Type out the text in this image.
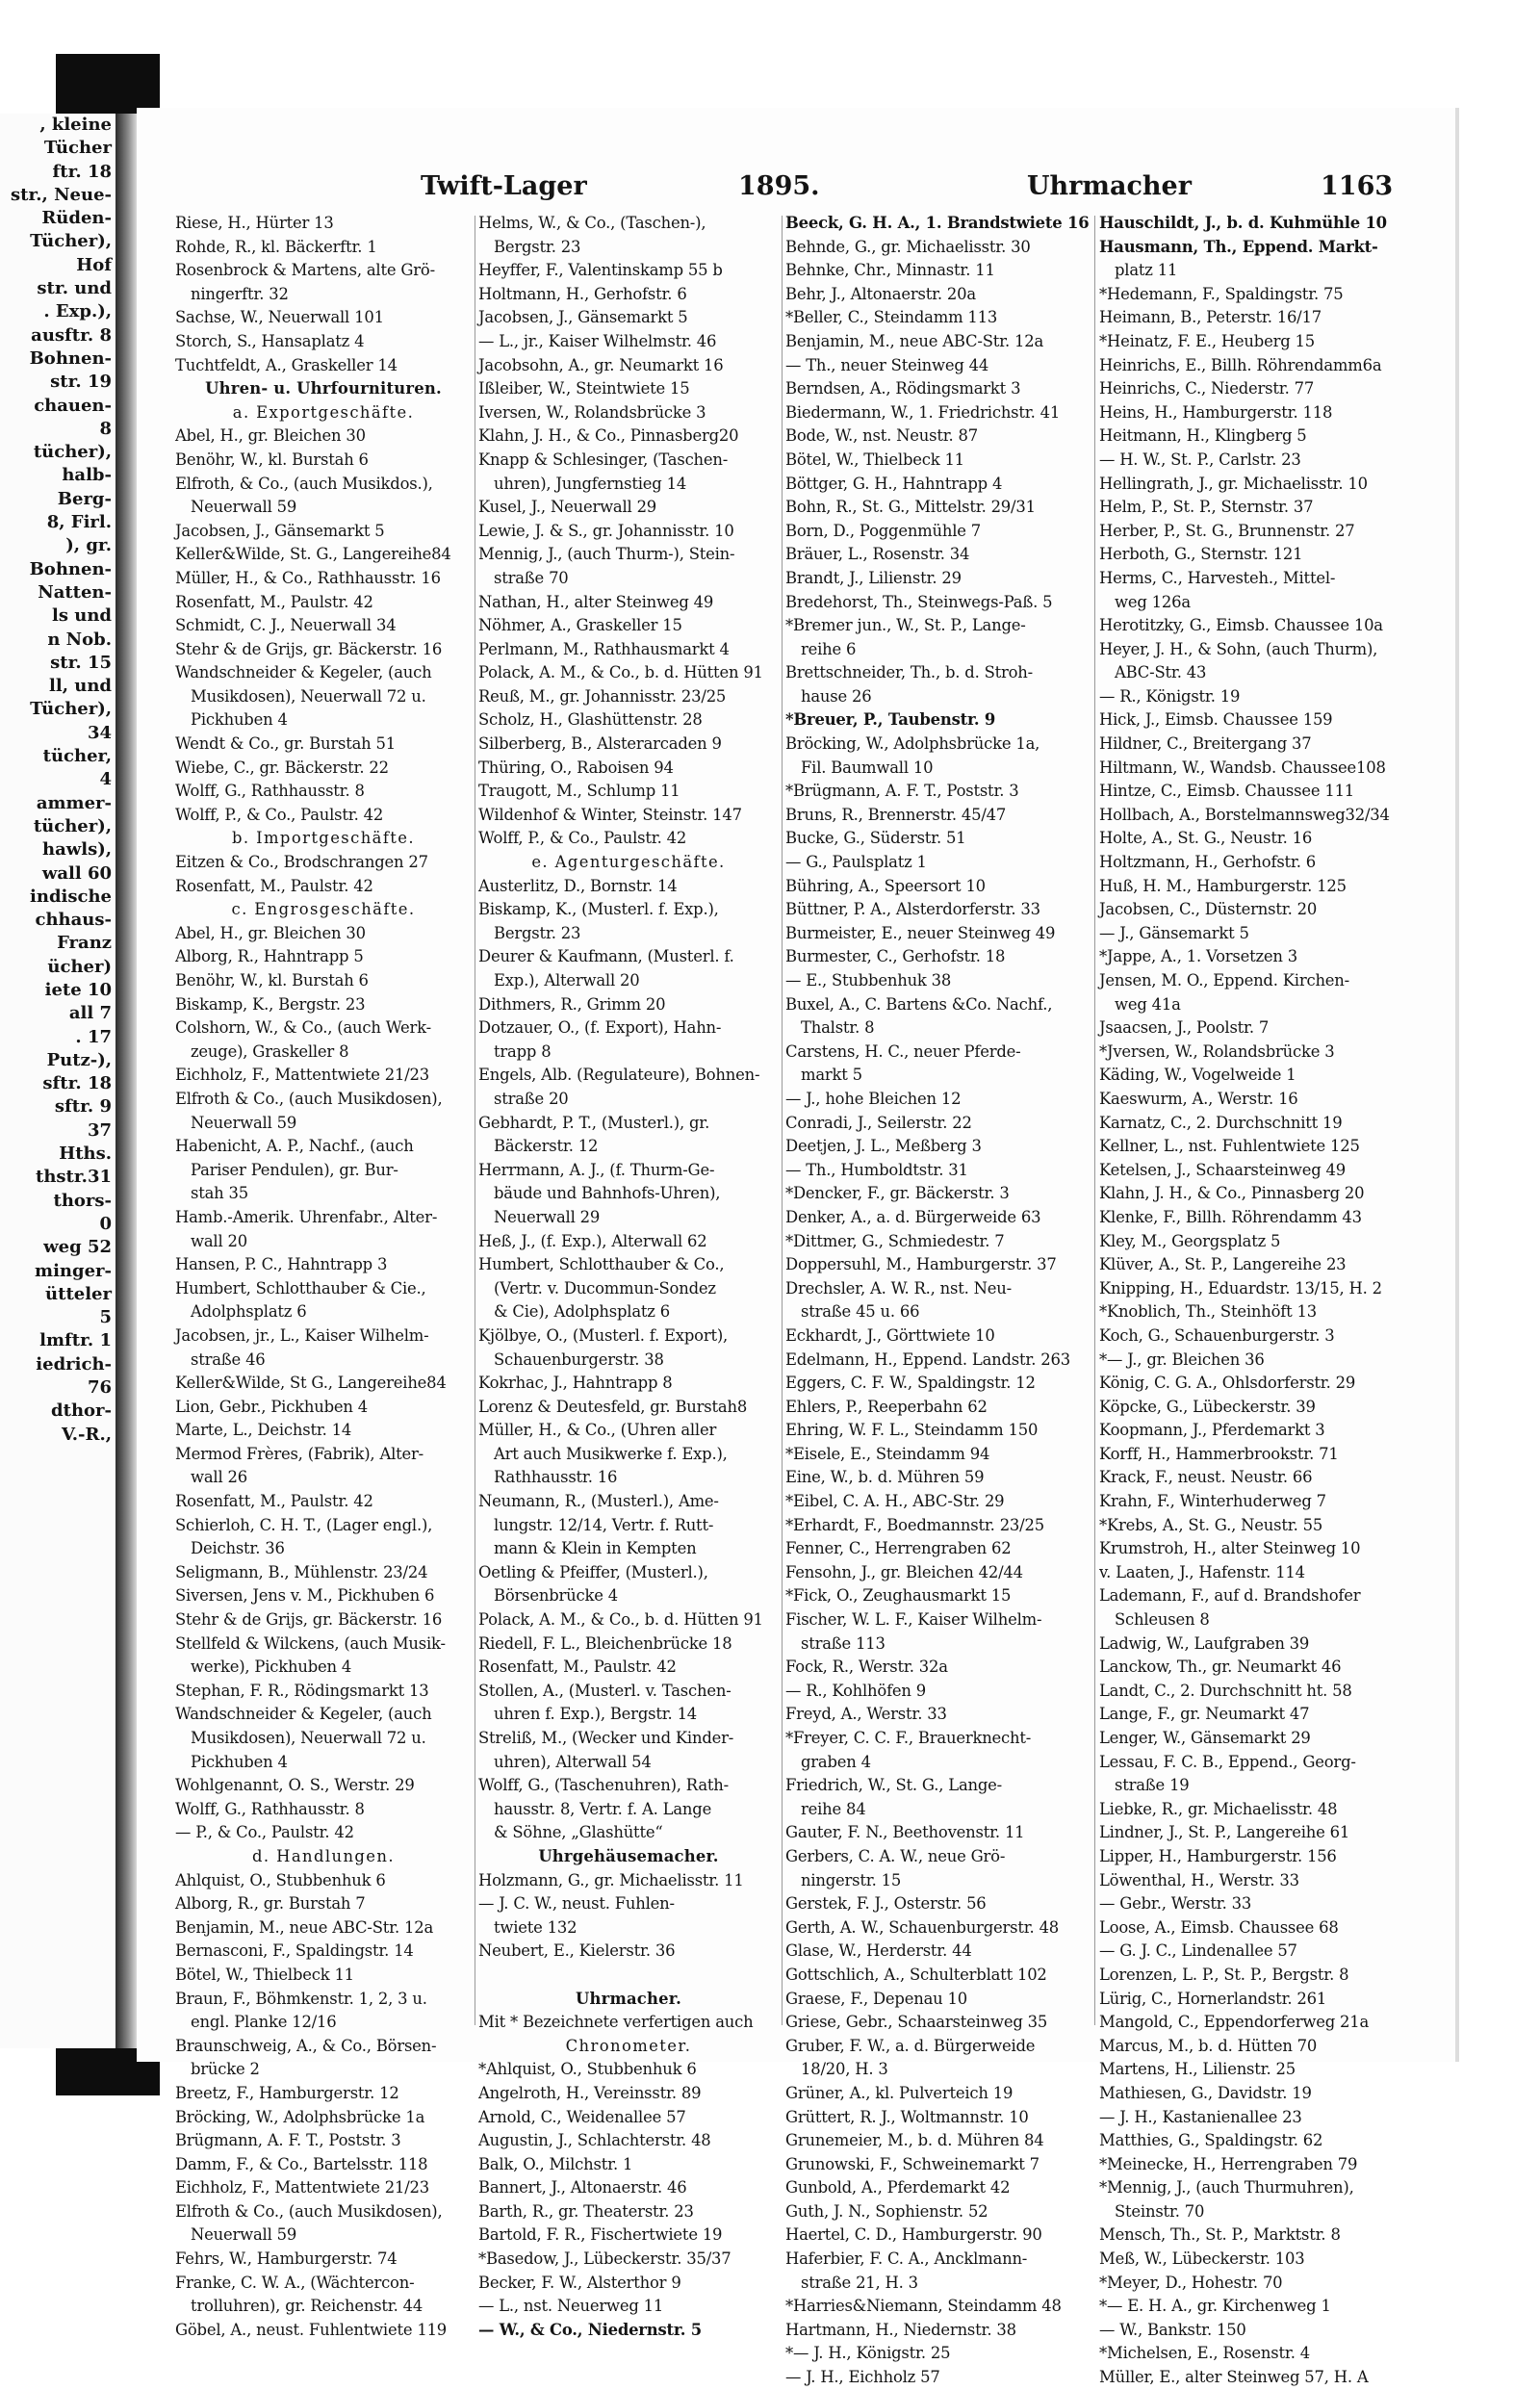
, kleine
Tücher
ftr. 18
str., Neue-
Rüden-
Tücher),
Hof
str. und
. Exp.),
ausftr. 8
Bohnen-
str. 19
chauen-
8
tücher),
halb-
Berg-
8, Firl.
), gr.
Bohnen-
Natten-
ls und
n Nob.
str. 15
ll, und
Tücher),
34
tücher,
4
ammer-
tücher),
hawls),
wall 60
indische
chhaus-
Franz
ücher)
iete 10
all 7
. 17
Putz-),
sftr. 18
sftr. 9
37
Hths.
thstr.31
thors-
0
weg 52
minger-
ütteler
5
lmftr. 1
iedrich-
76
dthor-
V.-R.,
Twift-Lager	1895.	Uhrmacher	1163
Riese, H., Hürter 13
Rohde, R., kl. Bäckerftr. 1
Rosenbrock & Martens, alte Grö-
ningerftr. 32
Sachse, W., Neuerwall 101
Storch, S., Hansaplatz 4
Tuchtfeldt, A., Graskeller 14
Uhren- u. Uhrfournituren.
a. Exportgeschäfte.
Abel, H., gr. Bleichen 30
Benöhr, W., kl. Burstah 6
Elfroth, & Co., (auch Musikdos.),
Neuerwall 59
Jacobsen, J., Gänsemarkt 5
Keller&Wilde, St. G., Langereihe84
Müller, H., & Co., Rathhausstr. 16
Rosenfatt, M., Paulstr. 42
Schmidt, C. J., Neuerwall 34
Stehr & de Grijs, gr. Bäckerstr. 16
Wandschneider & Kegeler, (auch
Musikdosen), Neuerwall 72 u.
Pickhuben 4
Wendt & Co., gr. Burstah 51
Wiebe, C., gr. Bäckerstr. 22
Wolff, G., Rathhausstr. 8
Wolff, P., & Co., Paulstr. 42
b. Importgeschäfte.
Eitzen & Co., Brodschrangen 27
Rosenfatt, M., Paulstr. 42
c. Engrosgeschäfte.
Abel, H., gr. Bleichen 30
Alborg, R., Hahntrapp 5
Benöhr, W., kl. Burstah 6
Biskamp, K., Bergstr. 23
Colshorn, W., & Co., (auch Werk-
zeuge), Graskeller 8
Eichholz, F., Mattentwiete 21/23
Elfroth & Co., (auch Musikdosen),
Neuerwall 59
Habenicht, A. P., Nachf., (auch
Pariser Pendulen), gr. Bur-
stah 35
Hamb.-Amerik. Uhrenfabr., Alter-
wall 20
Hansen, P. C., Hahntrapp 3
Humbert, Schlotthauber & Cie.,
Adolphsplatz 6
Jacobsen, jr., L., Kaiser Wilhelm-
straße 46
Keller&Wilde, St G., Langereihe84
Lion, Gebr., Pickhuben 4
Marte, L., Deichstr. 14
Mermod Frères, (Fabrik), Alter-
wall 26
Rosenfatt, M., Paulstr. 42
Schierloh, C. H. T., (Lager engl.),
Deichstr. 36
Seligmann, B., Mühlenstr. 23/24
Siversen, Jens v. M., Pickhuben 6
Stehr & de Grijs, gr. Bäckerstr. 16
Stellfeld & Wilckens, (auch Musik-
werke), Pickhuben 4
Stephan, F. R., Rödingsmarkt 13
Wandschneider & Kegeler, (auch
Musikdosen), Neuerwall 72 u.
Pickhuben 4
Wohlgenannt, O. S., Werstr. 29
Wolff, G., Rathhausstr. 8
— P., & Co., Paulstr. 42
d. Handlungen.
Ahlquist, O., Stubbenhuk 6
Alborg, R., gr. Burstah 7
Benjamin, M., neue ABC-Str. 12a
Bernasconi, F., Spaldingstr. 14
Bötel, W., Thielbeck 11
Braun, F., Böhmkenstr. 1, 2, 3 u.
engl. Planke 12/16
Braunschweig, A., & Co., Börsen-
brücke 2
Breetz, F., Hamburgerstr. 12
Bröcking, W., Adolphsbrücke 1a
Brügmann, A. F. T., Poststr. 3
Damm, F., & Co., Bartelsstr. 118
Eichholz, F., Mattentwiete 21/23
Elfroth & Co., (auch Musikdosen),
Neuerwall 59
Fehrs, W., Hamburgerstr. 74
Franke, C. W. A., (Wächtercon-
trolluhren), gr. Reichenstr. 44
Göbel, A., neust. Fuhlentwiete 119
Helms, W., & Co., (Taschen-),
Bergstr. 23
Heyffer, F., Valentinskamp 55 b
Holtmann, H., Gerhofstr. 6
Jacobsen, J., Gänsemarkt 5
— L., jr., Kaiser Wilhelmstr. 46
Jacobsohn, A., gr. Neumarkt 16
Ißleiber, W., Steintwiete 15
Iversen, W., Rolandsbrücke 3
Klahn, J. H., & Co., Pinnasberg20
Knapp & Schlesinger, (Taschen-
uhren), Jungfernstieg 14
Kusel, J., Neuerwall 29
Lewie, J. & S., gr. Johannisstr. 10
Mennig, J., (auch Thurm-), Stein-
straße 70
Nathan, H., alter Steinweg 49
Nöhmer, A., Graskeller 15
Perlmann, M., Rathhausmarkt 4
Polack, A. M., & Co., b. d. Hütten 91
Reuß, M., gr. Johannisstr. 23/25
Scholz, H., Glashüttenstr. 28
Silberberg, B., Alsterarcaden 9
Thüring, O., Raboisen 94
Traugott, M., Schlump 11
Wildenhof & Winter, Steinstr. 147
Wolff, P., & Co., Paulstr. 42
e. Agenturgeschäfte.
Austerlitz, D., Bornstr. 14
Biskamp, K., (Musterl. f. Exp.),
Bergstr. 23
Deurer & Kaufmann, (Musterl. f.
Exp.), Alterwall 20
Dithmers, R., Grimm 20
Dotzauer, O., (f. Export), Hahn-
trapp 8
Engels, Alb. (Regulateure), Bohnen-
straße 20
Gebhardt, P. T., (Musterl.), gr.
Bäckerstr. 12
Herrmann, A. J., (f. Thurm-Ge-
bäude und Bahnhofs-Uhren),
Neuerwall 29
Heß, J., (f. Exp.), Alterwall 62
Humbert, Schlotthauber & Co.,
(Vertr. v. Ducommun-Sondez
& Cie), Adolphsplatz 6
Kjölbye, O., (Musterl. f. Export),
Schauenburgerstr. 38
Kokrhac, J., Hahntrapp 8
Lorenz & Deutesfeld, gr. Burstah8
Müller, H., & Co., (Uhren aller
Art auch Musikwerke f. Exp.),
Rathhausstr. 16
Neumann, R., (Musterl.), Ame-
lungstr. 12/14, Vertr. f. Rutt-
mann & Klein in Kempten
Oetling & Pfeiffer, (Musterl.),
Börsenbrücke 4
Polack, A. M., & Co., b. d. Hütten 91
Riedell, F. L., Bleichenbrücke 18
Rosenfatt, M., Paulstr. 42
Stollen, A., (Musterl. v. Taschen-
uhren f. Exp.), Bergstr. 14
Streliß, M., (Wecker und Kinder-
uhren), Alterwall 54
Wolff, G., (Taschenuhren), Rath-
hausstr. 8, Vertr. f. A. Lange
& Söhne, „Glashütte“
Uhrgehäusemacher.
Holzmann, G., gr. Michaelisstr. 11
— J. C. W., neust. Fuhlen-
twiete 132
Neubert, E., Kielerstr. 36

Uhrmacher.
Mit * Bezeichnete verfertigen auch
Chronometer.
*Ahlquist, O., Stubbenhuk 6
Angelroth, H., Vereinsstr. 89
Arnold, C., Weidenallee 57
Augustin, J., Schlachterstr. 48
Balk, O., Milchstr. 1
Bannert, J., Altonaerstr. 46
Barth, R., gr. Theaterstr. 23
Bartold, F. R., Fischertwiete 19
*Basedow, J., Lübeckerstr. 35/37
Becker, F. W., Alsterthor 9
— L., nst. Neuerweg 11
— W., & Co., Niedernstr. 5
Beeck, G. H. A., 1. Brandstwiete 16
Behnde, G., gr. Michaelisstr. 30
Behnke, Chr., Minnastr. 11
Behr, J., Altonaerstr. 20a
*Beller, C., Steindamm 113
Benjamin, M., neue ABC-Str. 12a
— Th., neuer Steinweg 44
Berndsen, A., Rödingsmarkt 3
Biedermann, W., 1. Friedrichstr. 41
Bode, W., nst. Neustr. 87
Bötel, W., Thielbeck 11
Böttger, G. H., Hahntrapp 4
Bohn, R., St. G., Mittelstr. 29/31
Born, D., Poggenmühle 7
Bräuer, L., Rosenstr. 34
Brandt, J., Lilienstr. 29
Bredehorst, Th., Steinwegs-Paß. 5
*Bremer jun., W., St. P., Lange-
reihe 6
Brettschneider, Th., b. d. Stroh-
hause 26
*Breuer, P., Taubenstr. 9
Bröcking, W., Adolphsbrücke 1a,
Fil. Baumwall 10
*Brügmann, A. F. T., Poststr. 3
Bruns, R., Brennerstr. 45/47
Bucke, G., Süderstr. 51
— G., Paulsplatz 1
Bühring, A., Speersort 10
Büttner, P. A., Alsterdorferstr. 33
Burmeister, E., neuer Steinweg 49
Burmester, C., Gerhofstr. 18
— E., Stubbenhuk 38
Buxel, A., C. Bartens &Co. Nachf.,
Thalstr. 8
Carstens, H. C., neuer Pferde-
markt 5
— J., hohe Bleichen 12
Conradi, J., Seilerstr. 22
Deetjen, J. L., Meßberg 3
— Th., Humboldtstr. 31
*Dencker, F., gr. Bäckerstr. 3
Denker, A., a. d. Bürgerweide 63
*Dittmer, G., Schmiedestr. 7
Doppersuhl, M., Hamburgerstr. 37
Drechsler, A. W. R., nst. Neu-
straße 45 u. 66
Eckhardt, J., Görttwiete 10
Edelmann, H., Eppend. Landstr. 263
Eggers, C. F. W., Spaldingstr. 12
Ehlers, P., Reeperbahn 62
Ehring, W. F. L., Steindamm 150
*Eisele, E., Steindamm 94
Eine, W., b. d. Mühren 59
*Eibel, C. A. H., ABC-Str. 29
*Erhardt, F., Boedmannstr. 23/25
Fenner, C., Herrengraben 62
Fensohn, J., gr. Bleichen 42/44
*Fick, O., Zeughausmarkt 15
Fischer, W. L. F., Kaiser Wilhelm-
straße 113
Fock, R., Werstr. 32a
— R., Kohlhöfen 9
Freyd, A., Werstr. 33
*Freyer, C. C. F., Brauerknecht-
graben 4
Friedrich, W., St. G., Lange-
reihe 84
Gauter, F. N., Beethovenstr. 11
Gerbers, C. A. W., neue Grö-
ningerstr. 15
Gerstek, F. J., Osterstr. 56
Gerth, A. W., Schauenburgerstr. 48
Glase, W., Herderstr. 44
Gottschlich, A., Schulterblatt 102
Graese, F., Depenau 10
Griese, Gebr., Schaarsteinweg 35
Gruber, F. W., a. d. Bürgerweide
18/20, H. 3
Grüner, A., kl. Pulverteich 19
Grüttert, R. J., Woltmannstr. 10
Grunemeier, M., b. d. Mühren 84
Grunowski, F., Schweinemarkt 7
Gunbold, A., Pferdemarkt 42
Guth, J. N., Sophienstr. 52
Haertel, C. D., Hamburgerstr. 90
Haferbier, F. C. A., Ancklmann-
straße 21, H. 3
*Harries&Niemann, Steindamm 48
Hartmann, H., Niedernstr. 38
*— J. H., Königstr. 25
— J. H., Eichholz 57
Hauschildt, J., b. d. Kuhmühle 10
Hausmann, Th., Eppend. Markt-
platz 11
*Hedemann, F., Spaldingstr. 75
Heimann, B., Peterstr. 16/17
*Heinatz, F. E., Heuberg 15
Heinrichs, E., Billh. Röhrendamm6a
Heinrichs, C., Niederstr. 77
Heins, H., Hamburgerstr. 118
Heitmann, H., Klingberg 5
— H. W., St. P., Carlstr. 23
Hellingrath, J., gr. Michaelisstr. 10
Helm, P., St. P., Sternstr. 37
Herber, P., St. G., Brunnenstr. 27
Herboth, G., Sternstr. 121
Herms, C., Harvesteh., Mittel-
weg 126a
Herotitzky, G., Eimsb. Chaussee 10a
Heyer, J. H., & Sohn, (auch Thurm),
ABC-Str. 43
— R., Königstr. 19
Hick, J., Eimsb. Chaussee 159
Hildner, C., Breitergang 37
Hiltmann, W., Wandsb. Chaussee108
Hintze, C., Eimsb. Chaussee 111
Hollbach, A., Borstelmannsweg32/34
Holte, A., St. G., Neustr. 16
Holtzmann, H., Gerhofstr. 6
Huß, H. M., Hamburgerstr. 125
Jacobsen, C., Düsternstr. 20
— J., Gänsemarkt 5
*Jappe, A., 1. Vorsetzen 3
Jensen, M. O., Eppend. Kirchen-
weg 41a
Jsaacsen, J., Poolstr. 7
*Jversen, W., Rolandsbrücke 3
Käding, W., Vogelweide 1
Kaeswurm, A., Werstr. 16
Karnatz, C., 2. Durchschnitt 19
Kellner, L., nst. Fuhlentwiete 125
Ketelsen, J., Schaarsteinweg 49
Klahn, J. H., & Co., Pinnasberg 20
Klenke, F., Billh. Röhrendamm 43
Kley, M., Georgsplatz 5
Klüver, A., St. P., Langereihe 23
Knipping, H., Eduardstr. 13/15, H. 2
*Knoblich, Th., Steinhöft 13
Koch, G., Schauenburgerstr. 3
*— J., gr. Bleichen 36
König, C. G. A., Ohlsdorferstr. 29
Köpcke, G., Lübeckerstr. 39
Koopmann, J., Pferdemarkt 3
Korff, H., Hammerbrookstr. 71
Krack, F., neust. Neustr. 66
Krahn, F., Winterhuderweg 7
*Krebs, A., St. G., Neustr. 55
Krumstroh, H., alter Steinweg 10
v. Laaten, J., Hafenstr. 114
Lademann, F., auf d. Brandshofer
Schleusen 8
Ladwig, W., Laufgraben 39
Lanckow, Th., gr. Neumarkt 46
Landt, C., 2. Durchschnitt ht. 58
Lange, F., gr. Neumarkt 47
Lenger, W., Gänsemarkt 29
Lessau, F. C. B., Eppend., Georg-
straße 19
Liebke, R., gr. Michaelisstr. 48
Lindner, J., St. P., Langereihe 61
Lipper, H., Hamburgerstr. 156
Löwenthal, H., Werstr. 33
— Gebr., Werstr. 33
Loose, A., Eimsb. Chaussee 68
— G. J. C., Lindenallee 57
Lorenzen, L. P., St. P., Bergstr. 8
Lürig, C., Hornerlandstr. 261
Mangold, C., Eppendorferweg 21a
Marcus, M., b. d. Hütten 70
Martens, H., Lilienstr. 25
Mathiesen, G., Davidstr. 19
— J. H., Kastanienallee 23
Matthies, G., Spaldingstr. 62
*Meinecke, H., Herrengraben 79
*Mennig, J., (auch Thurmuhren),
Steinstr. 70
Mensch, Th., St. P., Marktstr. 8
Meß, W., Lübeckerstr. 103
*Meyer, D., Hohestr. 70
*— E. H. A., gr. Kirchenweg 1
— W., Bankstr. 150
*Michelsen, E., Rosenstr. 4
Müller, E., alter Steinweg 57, H. A
